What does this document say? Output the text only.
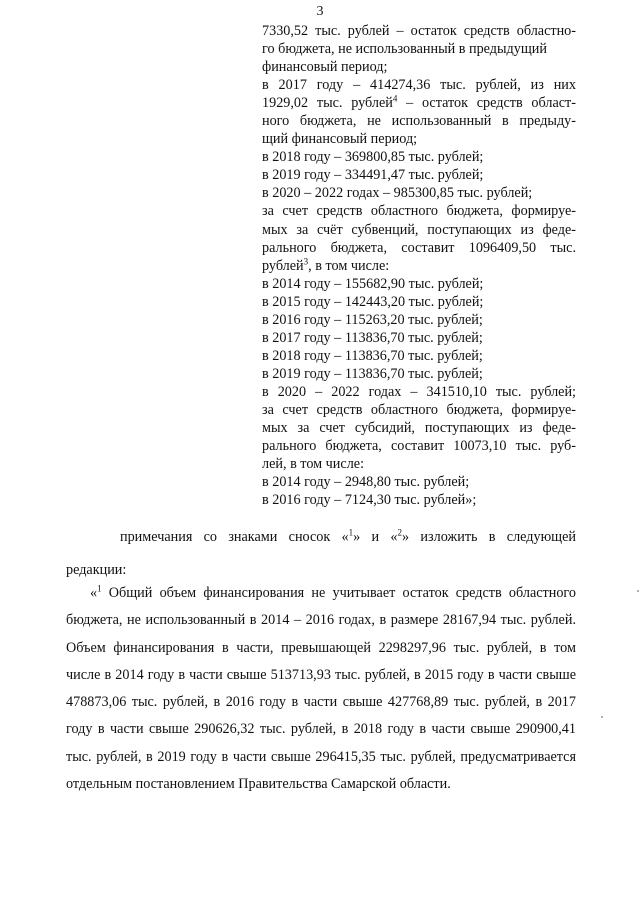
3

7330,52 тыс. рублей – остаток средств областно-

го бюджета, не использованный в предыдущий

финансовый период;

в 2017 году – 414274,36 тыс. рублей, из них

1929,02 тыс. рублей$^4$ – остаток средств област-

ного бюджета, не использованный в предыду-

щий финансовый период;

в 2018 году – 369800,85 тыс. рублей;

в 2019 году – 334491,47 тыс. рублей;

в 2020 – 2022 годах – 985300,85 тыс. рублей;

за счет средств областного бюджета, формируе-

мых за счёт субвенций, поступающих из феде-

рального бюджета, составит 1096409,50 тыс.

рублей$^3$, в том числе:

в 2014 году – 155682,90 тыс. рублей;

в 2015 году – 142443,20 тыс. рублей;

в 2016 году – 115263,20 тыс. рублей;

в 2017 году – 113836,70 тыс. рублей;

в 2018 году – 113836,70 тыс. рублей;

в 2019 году – 113836,70 тыс. рублей;

в 2020 – 2022 годах – 341510,10 тыс. рублей;

за счет средств областного бюджета, формируе-

мых за счет субсидий, поступающих из феде-

рального бюджета, составит 10073,10 тыс. руб-

лей, в том числе:

в 2014 году – 2948,80 тыс. рублей;

в 2016 году – 7124,30 тыс. рублей»;

примечания со знаками сносок «$^1$» и «$^2$» изложить в следующей

редакции:

«$^1$ Общий объем финансирования не учитывает остаток средств областного бюджета, не использованный в 2014 – 2016 годах, в размере 28167,94 тыс. рублей. Объем финансирования в части, превышающей 2298297,96 тыс. рублей, в том числе в 2014 году в части свыше 513713,93 тыс. рублей, в 2015 году в части свыше 478873,06 тыс. рублей, в 2016 году в части свыше 427768,89 тыс. рублей, в 2017 году в части свыше 290626,32 тыс. рублей, в 2018 году в части свыше 290900,41 тыс. рублей, в 2019 году в части свыше 296415,35 тыс. рублей, предусматривается отдельным постановлением Правительства Самарской области.
